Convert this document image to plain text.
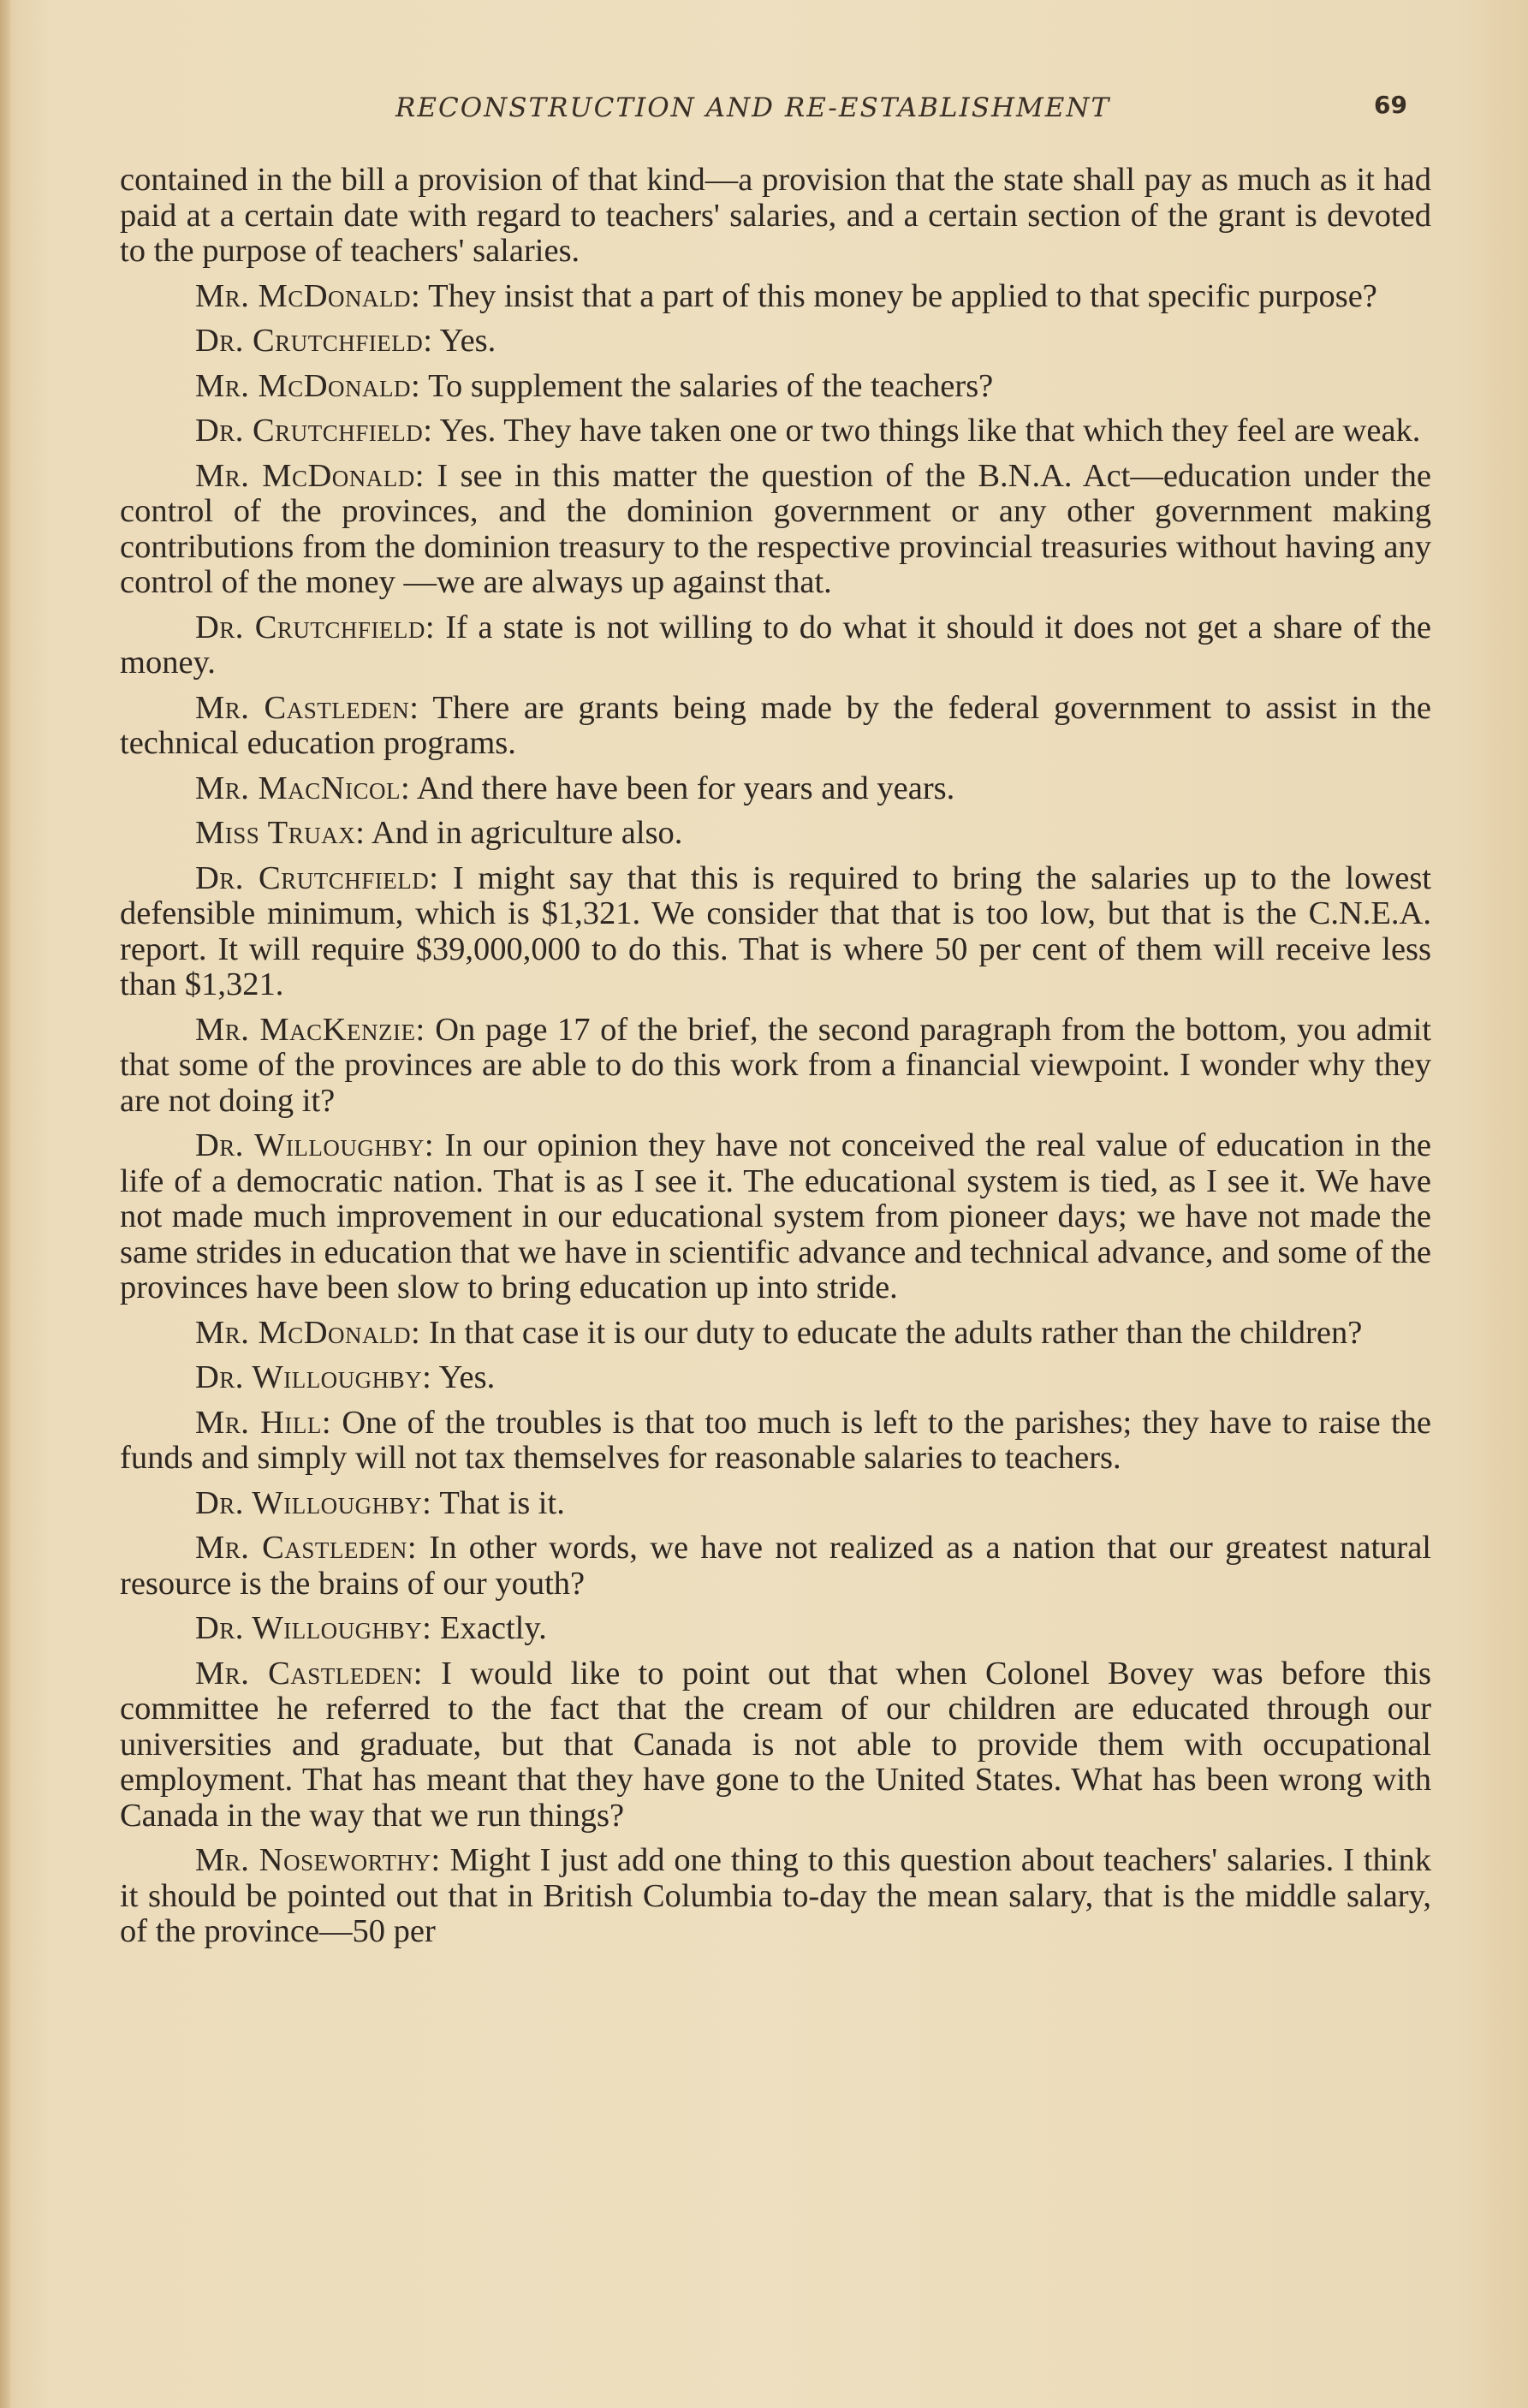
RECONSTRUCTION AND RE-ESTABLISHMENT	69

contained in the bill a provision of that kind—a provision that the state shall pay as much as it had paid at a certain date with regard to teachers' salaries, and a certain section of the grant is devoted to the purpose of teachers' salaries.

Mr. McDonald: They insist that a part of this money be applied to that specific purpose?

Dr. Crutchfield: Yes.

Mr. McDonald: To supplement the salaries of the teachers?

Dr. Crutchfield: Yes. They have taken one or two things like that which they feel are weak.

Mr. McDonald: I see in this matter the question of the B.N.A. Act—education under the control of the provinces, and the dominion government or any other government making contributions from the dominion treasury to the respective provincial treasuries without having any control of the money —we are always up against that.

Dr. Crutchfield: If a state is not willing to do what it should it does not get a share of the money.

Mr. Castleden: There are grants being made by the federal government to assist in the technical education programs.

Mr. MacNicol: And there have been for years and years.

Miss Truax: And in agriculture also.

Dr. Crutchfield: I might say that this is required to bring the salaries up to the lowest defensible minimum, which is $1,321. We consider that that is too low, but that is the C.N.E.A. report. It will require $39,000,000 to do this. That is where 50 per cent of them will receive less than $1,321.

Mr. MacKenzie: On page 17 of the brief, the second paragraph from the bottom, you admit that some of the provinces are able to do this work from a financial viewpoint. I wonder why they are not doing it?

Dr. Willoughby: In our opinion they have not conceived the real value of education in the life of a democratic nation. That is as I see it. The educational system is tied, as I see it. We have not made much improvement in our educational system from pioneer days; we have not made the same strides in education that we have in scientific advance and technical advance, and some of the provinces have been slow to bring education up into stride.

Mr. McDonald: In that case it is our duty to educate the adults rather than the children?

Dr. Willoughby: Yes.

Mr. Hill: One of the troubles is that too much is left to the parishes; they have to raise the funds and simply will not tax themselves for reasonable salaries to teachers.

Dr. Willoughby: That is it.

Mr. Castleden: In other words, we have not realized as a nation that our greatest natural resource is the brains of our youth?

Dr. Willoughby: Exactly.

Mr. Castleden: I would like to point out that when Colonel Bovey was before this committee he referred to the fact that the cream of our children are educated through our universities and graduate, but that Canada is not able to provide them with occupational employment. That has meant that they have gone to the United States. What has been wrong with Canada in the way that we run things?

Mr. Noseworthy: Might I just add one thing to this question about teachers' salaries. I think it should be pointed out that in British Columbia to-day the mean salary, that is the middle salary, of the province—50 per
